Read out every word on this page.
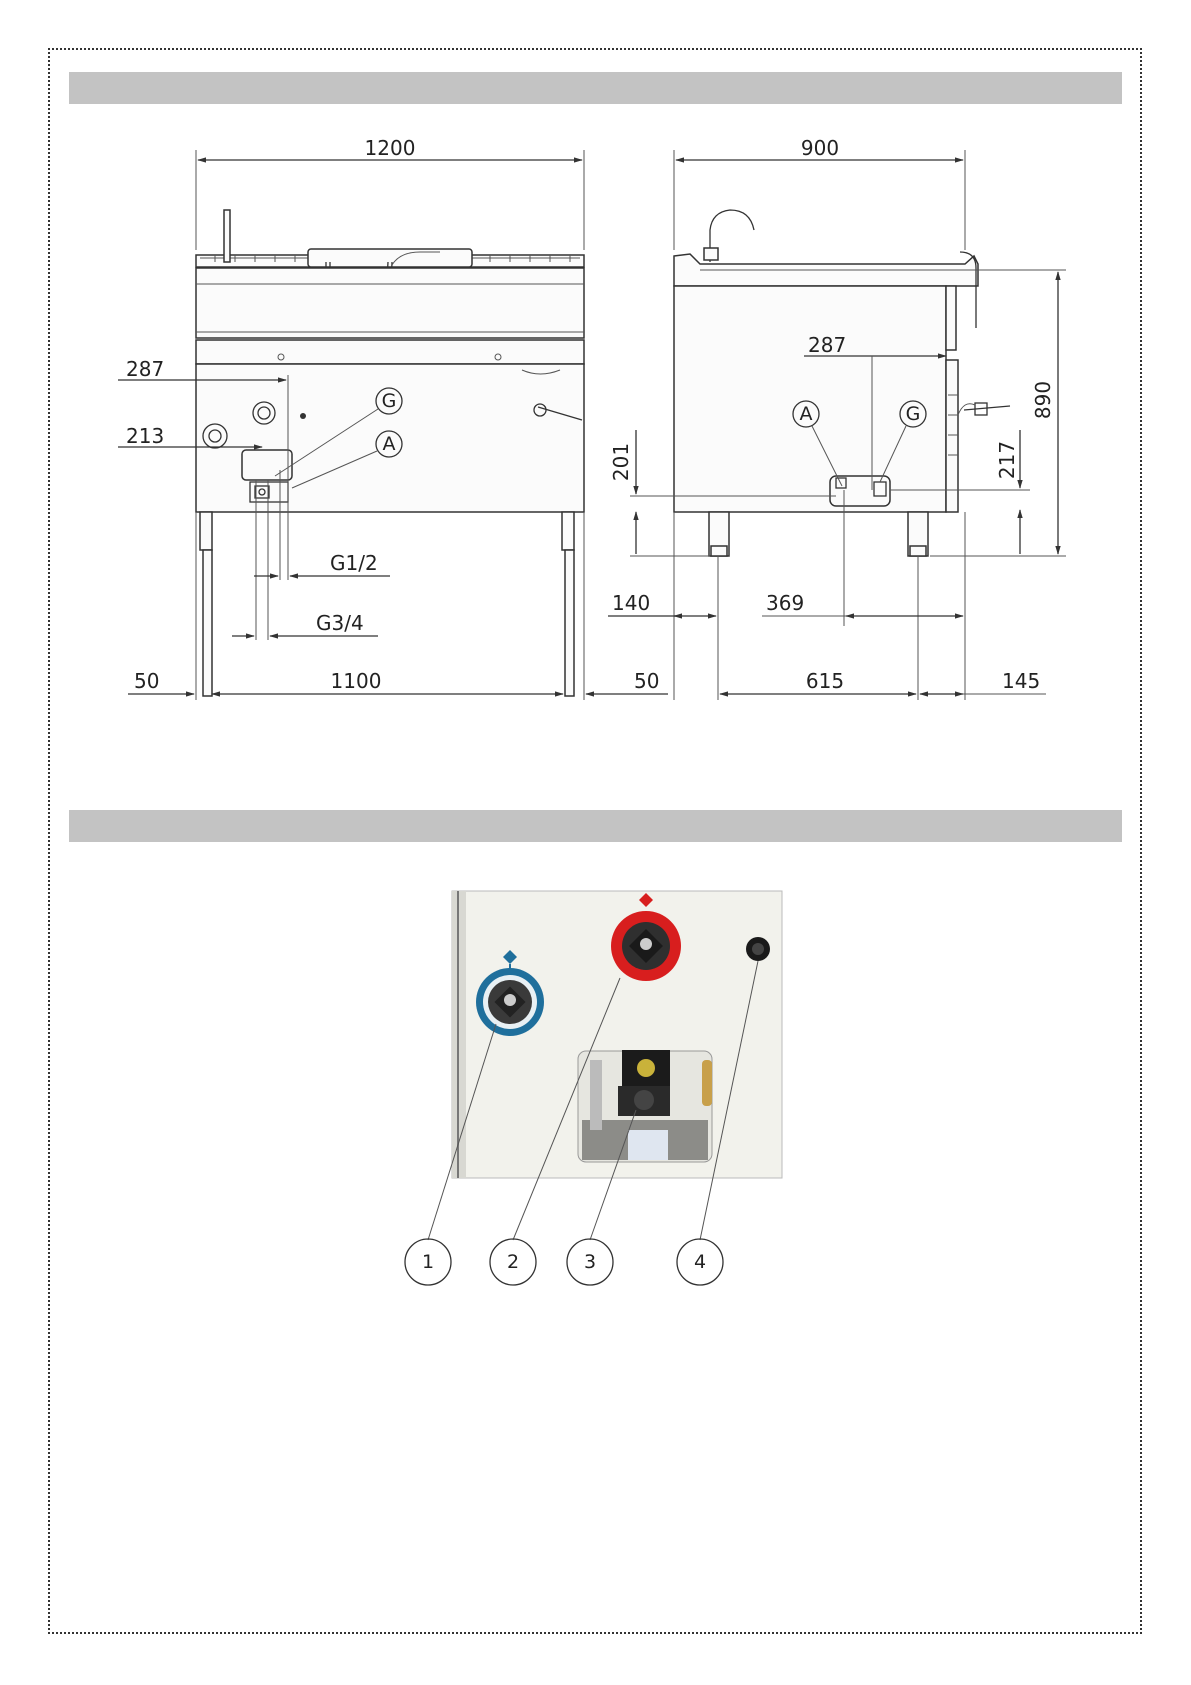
1200
287
213
G1/2
G3/4
50	1100	50
G
A
900
287
890
217
201
140	369
615	145
A	G
1	2	3	4
